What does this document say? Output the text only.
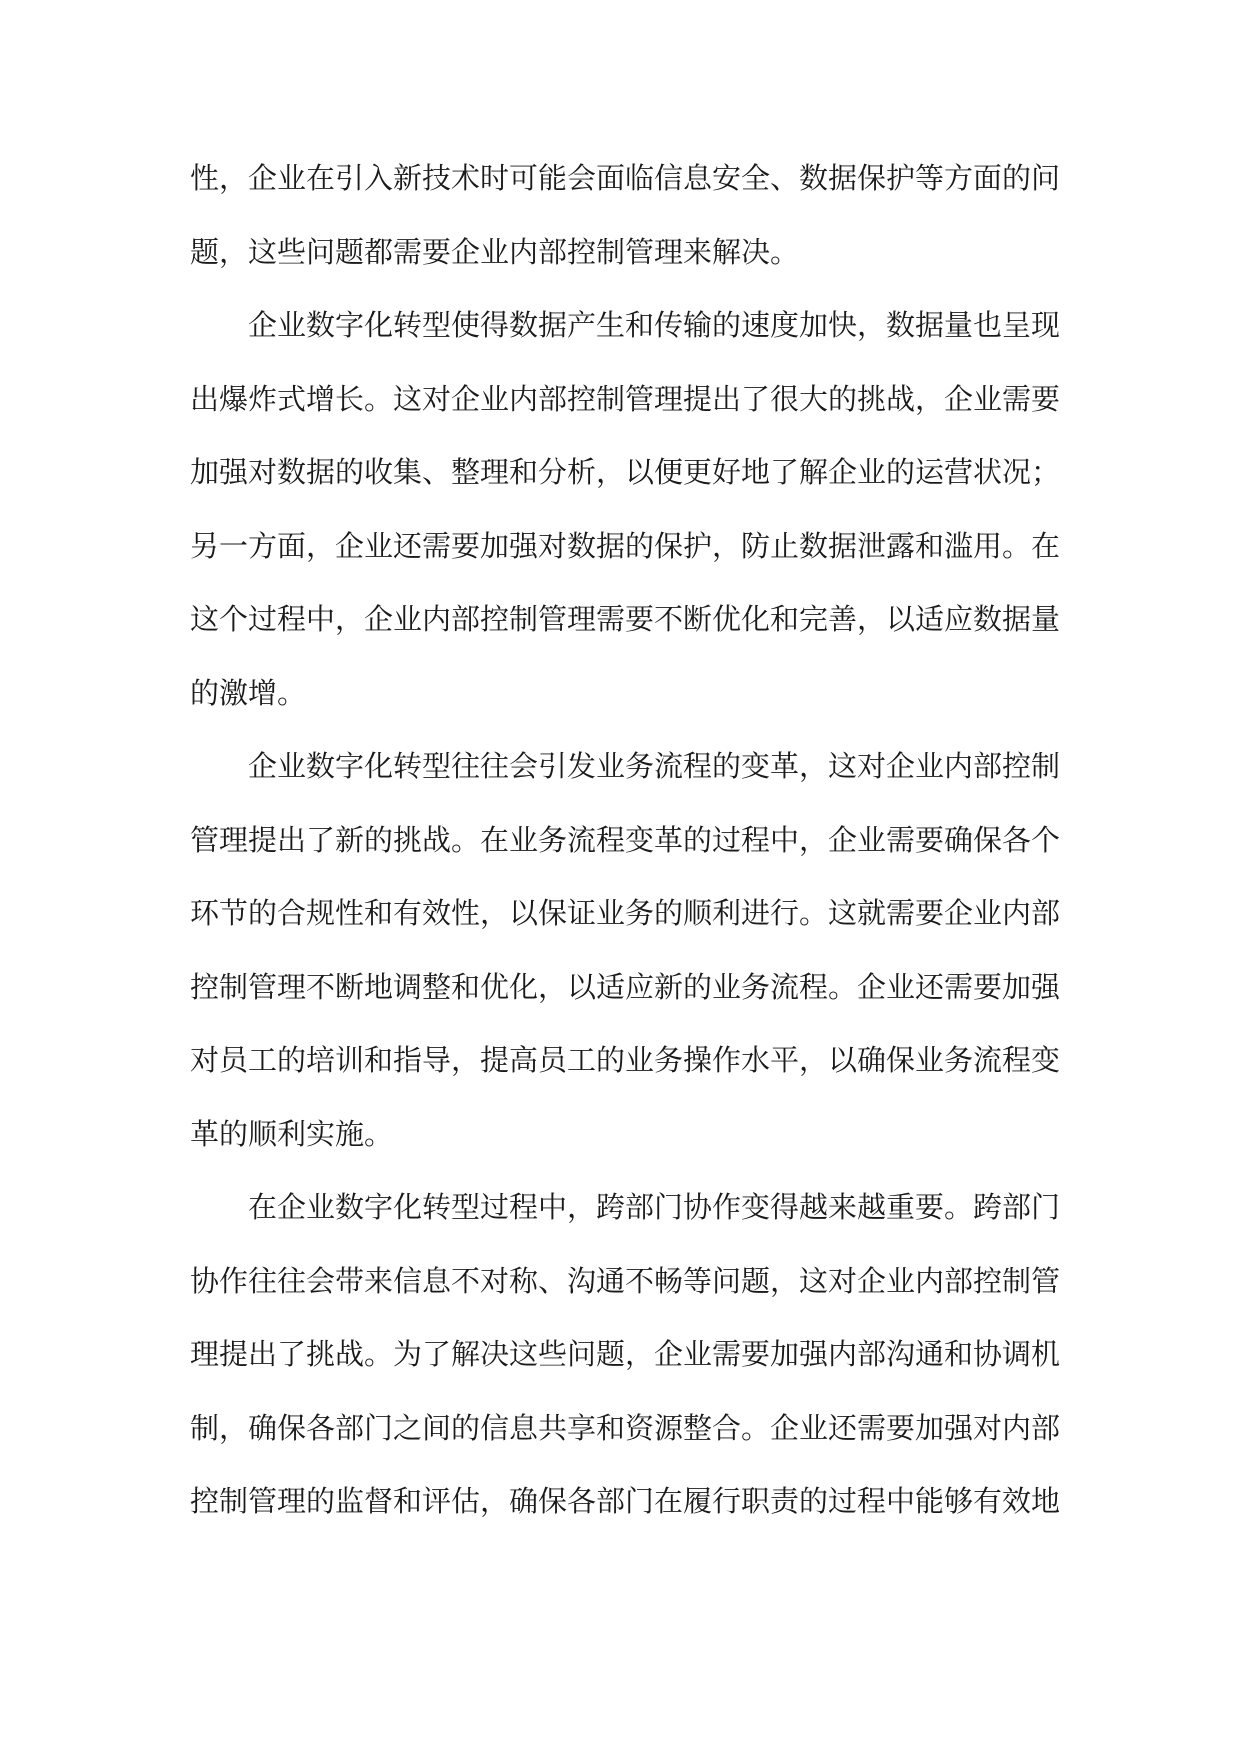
性，企业在引入新技术时可能会面临信息安全、数据保护等方面的问题，这些问题都需要企业内部控制管理来解决。

企业数字化转型使得数据产生和传输的速度加快，数据量也呈现出爆炸式增长。这对企业内部控制管理提出了很大的挑战，企业需要加强对数据的收集、整理和分析，以便更好地了解企业的运营状况；另一方面，企业还需要加强对数据的保护，防止数据泄露和滥用。在这个过程中，企业内部控制管理需要不断优化和完善，以适应数据量的激增。

企业数字化转型往往会引发业务流程的变革，这对企业内部控制管理提出了新的挑战。在业务流程变革的过程中，企业需要确保各个环节的合规性和有效性，以保证业务的顺利进行。这就需要企业内部控制管理不断地调整和优化，以适应新的业务流程。企业还需要加强对员工的培训和指导，提高员工的业务操作水平，以确保业务流程变革的顺利实施。

在企业数字化转型过程中，跨部门协作变得越来越重要。跨部门协作往往会带来信息不对称、沟通不畅等问题，这对企业内部控制管理提出了挑战。为了解决这些问题，企业需要加强内部沟通和协调机制，确保各部门之间的信息共享和资源整合。企业还需要加强对内部控制管理的监督和评估，确保各部门在履行职责的过程中能够有效地
